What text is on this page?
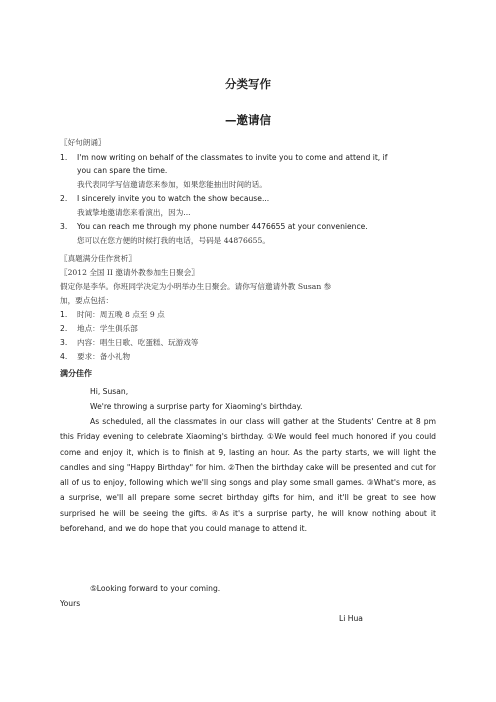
分类写作
—邀请信
〖好句朗诵〗
1. I'm now writing on behalf of the classmates to invite you to come and attend it, if
you can spare the time.
我代表同学写信邀请您来参加，如果您能抽出时间的话。
2. I sincerely invite you to watch the show because...
我诚挚地邀请您来看演出，因为...
3. You can reach me through my phone number 4476655 at your convenience.
您可以在您方便的时候打我的电话，号码是 44876655。
〖真题满分佳作赏析〗
〖2012 全国 II 邀请外教参加生日聚会〗
假定你是李华。你班同学决定为小明举办生日聚会。请你写信邀请外教 Susan 参
加，要点包括：
1. 时间：周五晚 8 点至 9 点
2. 地点：学生俱乐部
3. 内容：唱生日歌、吃蛋糕、玩游戏等
4. 要求：备小礼物
满分佳作
Hi, Susan,
We're throwing a surprise party for Xiaoming's birthday.
As scheduled, all the classmates in our class will gather at the Students' Centre at 8 pm this Friday evening to celebrate Xiaoming's birthday. ①We would feel much honored if you could come and enjoy it, which is to finish at 9, lasting an hour. As the party starts, we will light the candles and sing "Happy Birthday" for him. ②Then the birthday cake will be presented and cut for all of us to enjoy, following which we'll sing songs and play some small games. ③What's more, as a surprise, we'll all prepare some secret birthday gifts for him, and it'll be great to see how surprised he will be seeing the gifts. ④As it's a surprise party, he will know nothing about it beforehand, and we do hope that you could manage to attend it.
⑤Looking forward to your coming.
Yours
Li Hua
